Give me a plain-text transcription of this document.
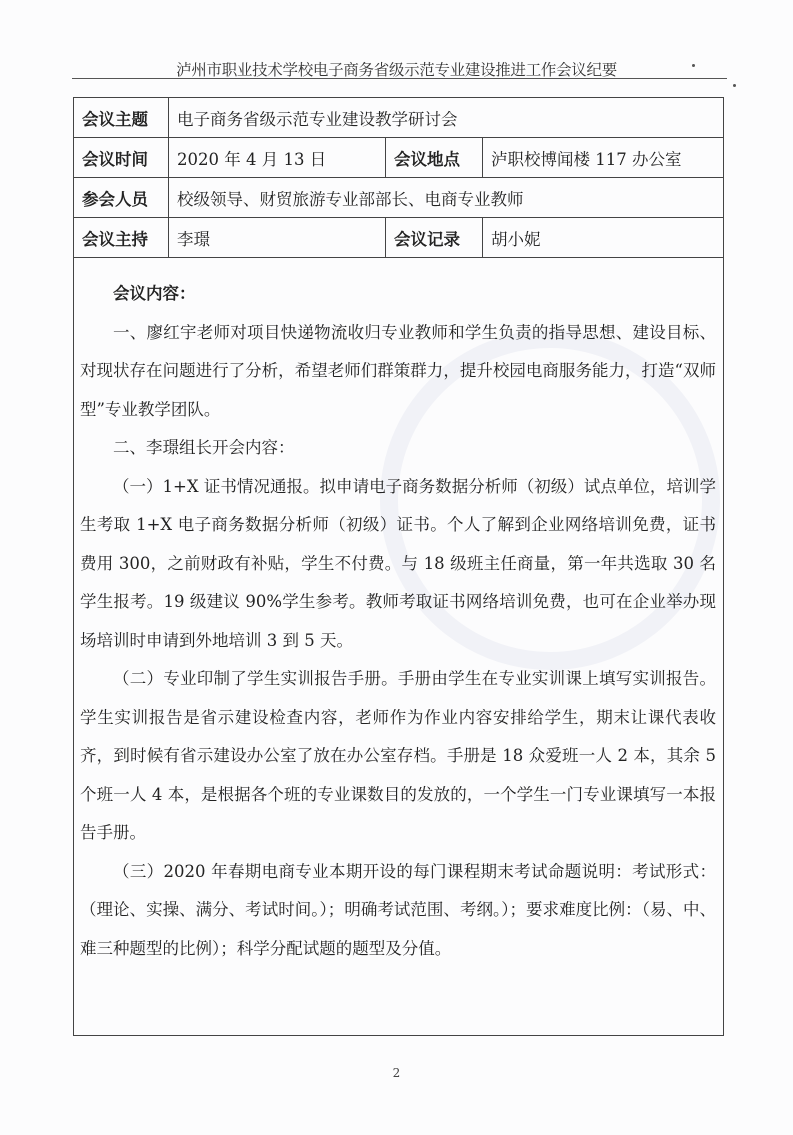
泸州市职业技术学校电子商务省级示范专业建设推进工作会议纪要
会议主题	电子商务省级示范专业建设教学研讨会		
会议时间	2020 年 4 月 13 日	会议地点	泸职校博闻楼 117 办公室
参会人员	校级领导、财贸旅游专业部部长、电商专业教师		
会议主持	李璟	会议记录	胡小妮

会议内容：

一、廖红宇老师对项目快递物流收归专业教师和学生负责的指导思想、建设目标、对现状存在问题进行了分析，希望老师们群策群力，提升校园电商服务能力，打造“双师型”专业教学团队。

二、李璟组长开会内容：

（一）1+X 证书情况通报。拟申请电子商务数据分析师（初级）试点单位，培训学生考取 1+X 电子商务数据分析师（初级）证书。个人了解到企业网络培训免费，证书费用 300，之前财政有补贴，学生不付费。与 18 级班主任商量，第一年共选取 30 名学生报考。19 级建议 90%学生参考。教师考取证书网络培训免费，也可在企业举办现场培训时申请到外地培训 3 到 5 天。

（二）专业印制了学生实训报告手册。手册由学生在专业实训课上填写实训报告。学生实训报告是省示建设检查内容，老师作为作业内容安排给学生，期末让课代表收齐，到时候有省示建设办公室了放在办公室存档。手册是 18 众爱班一人 2 本，其余 5 个班一人 4 本，是根据各个班的专业课数目的发放的，一个学生一门专业课填写一本报告手册。

（三）2020 年春期电商专业本期开设的每门课程期末考试命题说明：考试形式：（理论、实操、满分、考试时间。）；明确考试范围、考纲。）；要求难度比例：（易、中、难三种题型的比例）；科学分配试题的题型及分值。

2
